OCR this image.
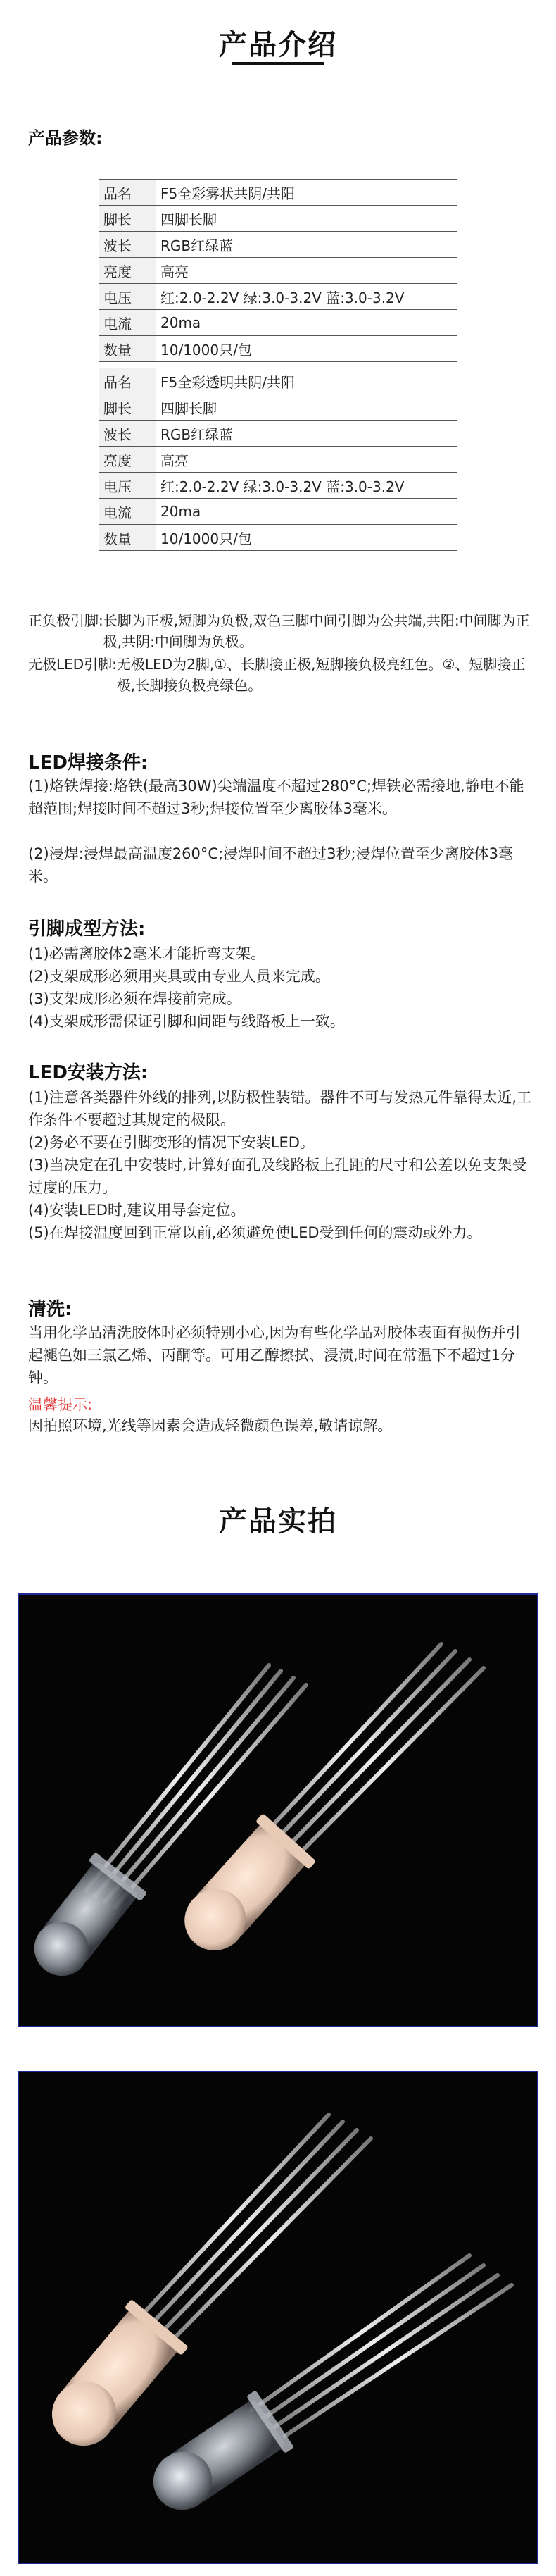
产品介绍
产品参数:
品名	F5全彩雾状共阴/共阳
脚长	四脚长脚
波长	RGB红绿蓝
亮度	高亮
电压	红:2.0-2.2V 绿:3.0-3.2V 蓝:3.0-3.2V
电流	20ma
数量	10/1000只/包
品名	F5全彩透明共阴/共阳
脚长	四脚长脚
波长	RGB红绿蓝
亮度	高亮
电压	红:2.0-2.2V 绿:3.0-3.2V 蓝:3.0-3.2V
电流	20ma
数量	10/1000只/包
正负极引脚: 长脚为正极,短脚为负极,双色三脚中间引脚为公共端,共阳:中间脚为正极,共阴:中间脚为负极。
无极LED引脚: 无极LED为2脚,①、长脚接正极,短脚接负极亮红色。②、短脚接正极,长脚接负极亮绿色。
LED焊接条件:
(1)烙铁焊接:烙铁(最高30W)尖端温度不超过280°C;焊铁必需接地,静电不能超范围;焊接时间不超过3秒;焊接位置至少离胶体3毫米。
(2)浸焊:浸焊最高温度260°C;浸焊时间不超过3秒;浸焊位置至少离胶体3毫米。
引脚成型方法:
(1)必需离胶体2毫米才能折弯支架。
(2)支架成形必须用夹具或由专业人员来完成。
(3)支架成形必须在焊接前完成。
(4)支架成形需保证引脚和间距与线路板上一致。
LED安装方法:
(1)注意各类器件外线的排列,以防极性装错。器件不可与发热元件靠得太近,工作条件不要超过其规定的极限。
(2)务必不要在引脚变形的情况下安装LED。
(3)当决定在孔中安装时,计算好面孔及线路板上孔距的尺寸和公差以免支架受过度的压力。
(4)安装LED时,建议用导套定位。
(5)在焊接温度回到正常以前,必须避免使LED受到任何的震动或外力。
清洗:
当用化学品清洗胶体时必须特别小心,因为有些化学品对胶体表面有损伤并引起褪色如三氯乙烯、丙酮等。可用乙醇擦拭、浸渍,时间在常温下不超过1分钟。
温馨提示:
因拍照环境,光线等因素会造成轻微颜色误差,敬请谅解。
产品实拍
